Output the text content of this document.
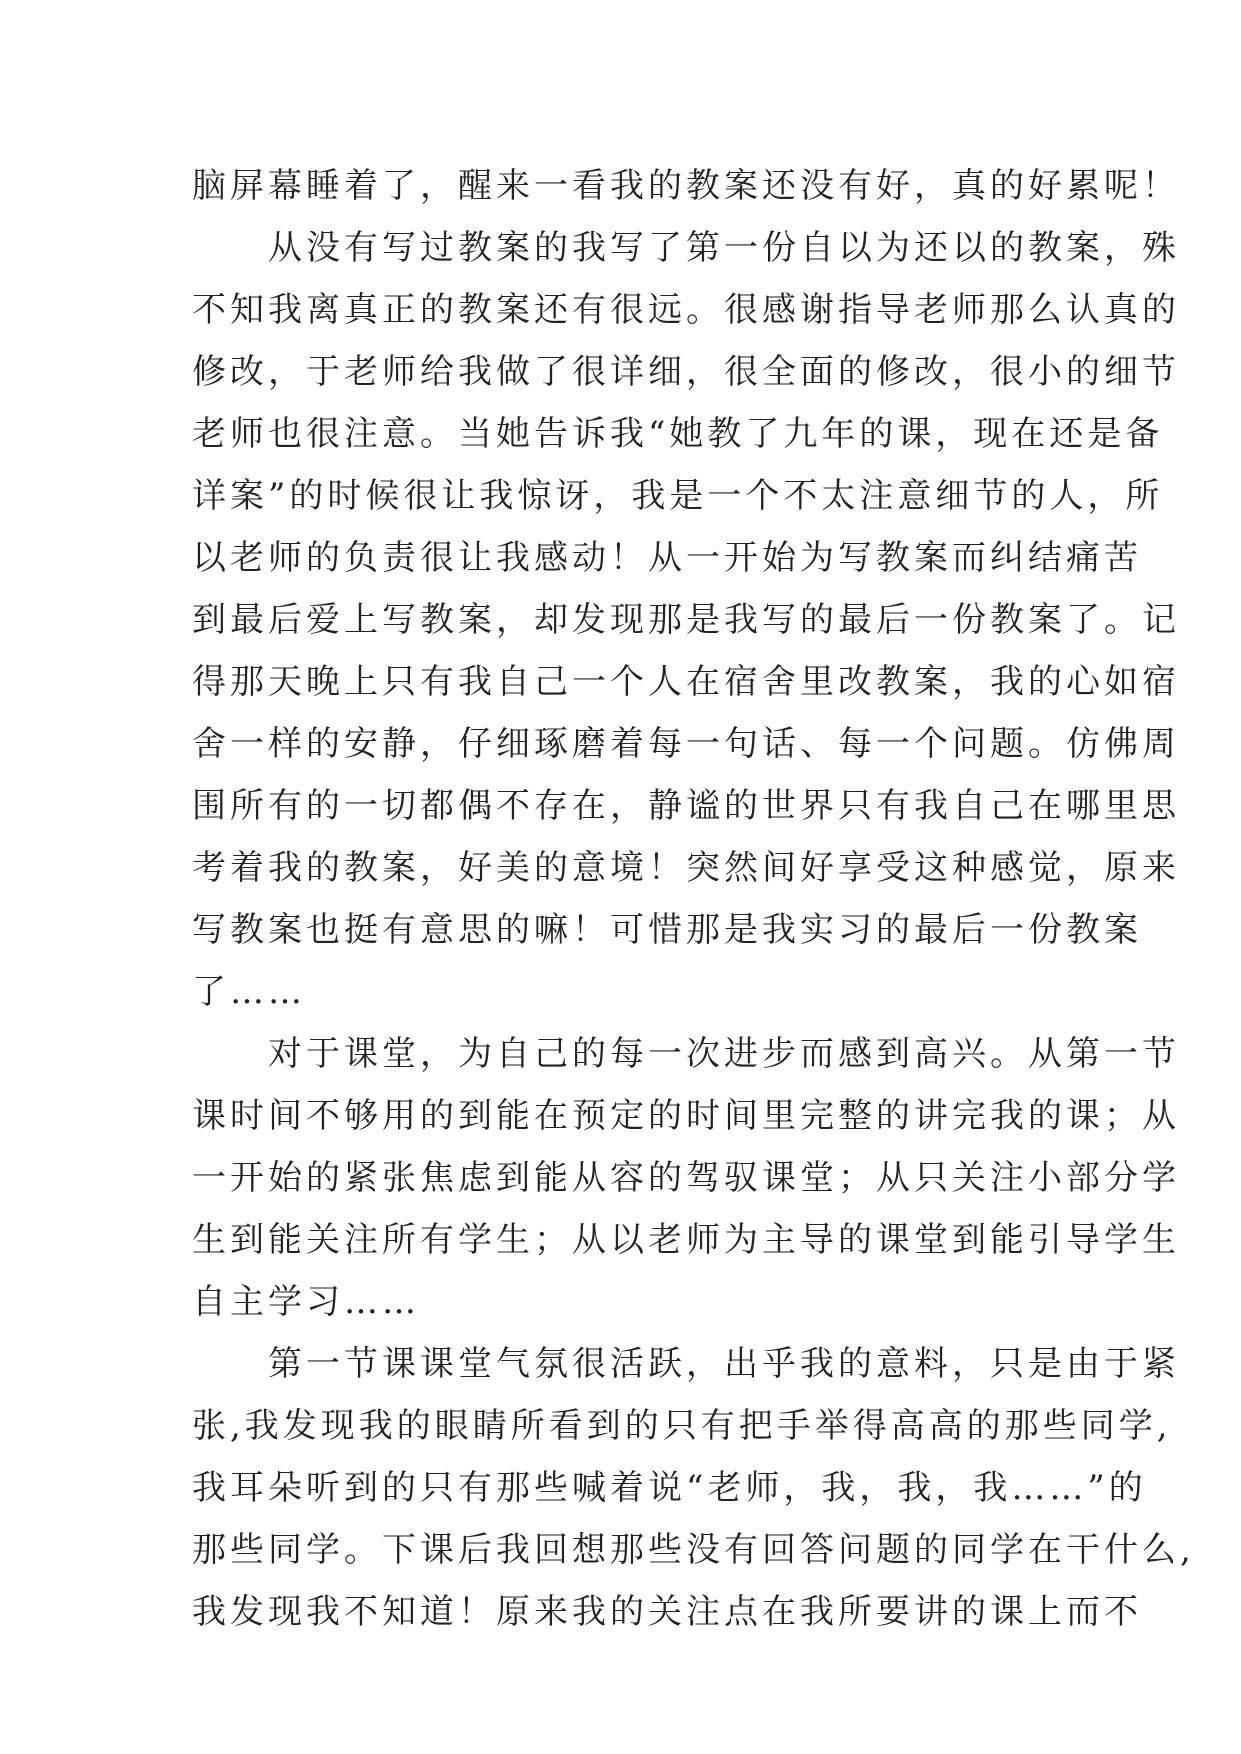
脑屏幕睡着了，醒来一看我的教案还没有好，真的好累呢！
　　从没有写过教案的我写了第一份自以为还以的教案，殊
不知我离真正的教案还有很远。很感谢指导老师那么认真的
修改，于老师给我做了很详细，很全面的修改，很小的细节
老师也很注意。当她告诉我“她教了九年的课，现在还是备
详案”的时候很让我惊讶，我是一个不太注意细节的人，所
以老师的负责很让我感动！从一开始为写教案而纠结痛苦
到最后爱上写教案，却发现那是我写的最后一份教案了。记
得那天晚上只有我自己一个人在宿舍里改教案，我的心如宿
舍一样的安静，仔细琢磨着每一句话、每一个问题。仿佛周
围所有的一切都偶不存在，静谧的世界只有我自己在哪里思
考着我的教案，好美的意境！突然间好享受这种感觉，原来
写教案也挺有意思的嘛！可惜那是我实习的最后一份教案
了……
　　对于课堂，为自己的每一次进步而感到高兴。从第一节
课时间不够用的到能在预定的时间里完整的讲完我的课；从
一开始的紧张焦虑到能从容的驾驭课堂；从只关注小部分学
生到能关注所有学生；从以老师为主导的课堂到能引导学生
自主学习……
　　第一节课课堂气氛很活跃，出乎我的意料，只是由于紧
张,我发现我的眼睛所看到的只有把手举得高高的那些同学,
我耳朵听到的只有那些喊着说“老师，我，我，我……”的
那些同学。下课后我回想那些没有回答问题的同学在干什么,
我发现我不知道！原来我的关注点在我所要讲的课上而不
